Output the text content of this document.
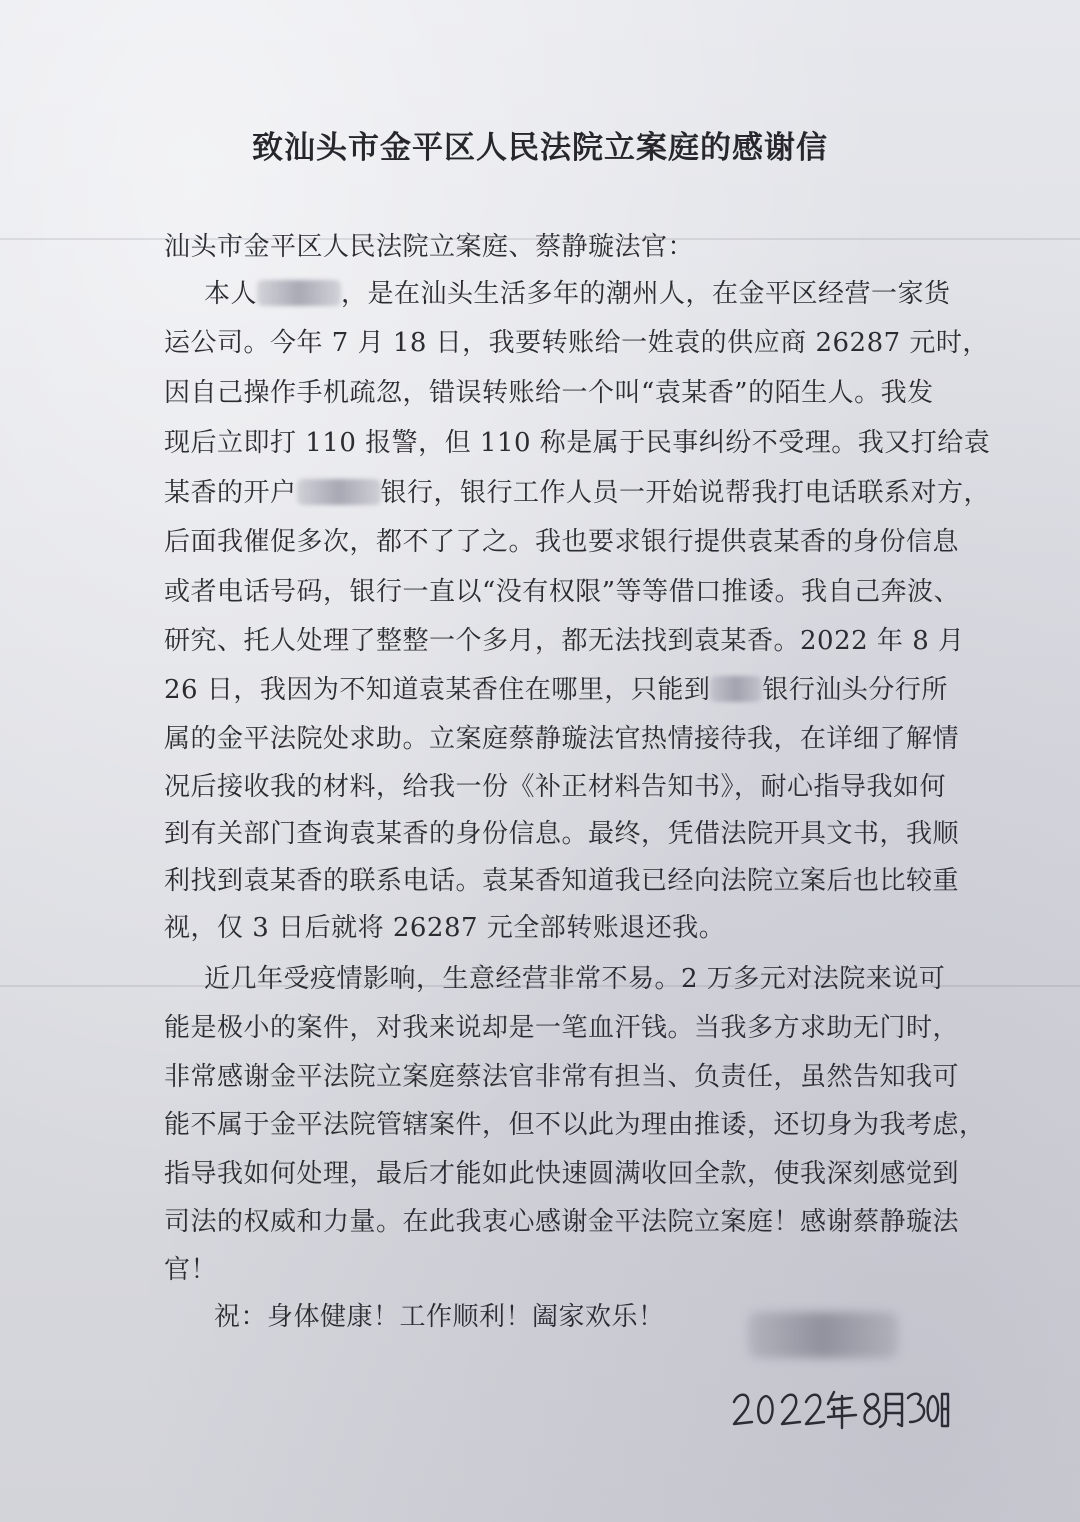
致汕头市金平区人民法院立案庭的感谢信
汕头市金平区人民法院立案庭、蔡静璇法官：
本人	，是在汕头生活多年的潮州人，在金平区经营一家货
运公司。今年 7 月 18 日，我要转账给一姓袁的供应商 26287 元时，
因自己操作手机疏忽，错误转账给一个叫“袁某香”的陌生人。我发
现后立即打 110 报警，但 110 称是属于民事纠纷不受理。我又打给袁
某香的开户	银行，银行工作人员一开始说帮我打电话联系对方，
后面我催促多次，都不了了之。我也要求银行提供袁某香的身份信息
或者电话号码，银行一直以“没有权限”等等借口推诿。我自己奔波、
研究、托人处理了整整一个多月，都无法找到袁某香。2022 年 8 月
26 日，我因为不知道袁某香住在哪里，只能到 银行汕头分行所
属的金平法院处求助。立案庭蔡静璇法官热情接待我，在详细了解情
况后接收我的材料，给我一份《补正材料告知书》，耐心指导我如何
到有关部门查询袁某香的身份信息。最终，凭借法院开具文书，我顺
利找到袁某香的联系电话。袁某香知道我已经向法院立案后也比较重
视，仅 3 日后就将 26287 元全部转账退还我。
近几年受疫情影响，生意经营非常不易。2 万多元对法院来说可
能是极小的案件，对我来说却是一笔血汗钱。当我多方求助无门时，
非常感谢金平法院立案庭蔡法官非常有担当、负责任，虽然告知我可
能不属于金平法院管辖案件，但不以此为理由推诿，还切身为我考虑，
指导我如何处理，最后才能如此快速圆满收回全款，使我深刻感觉到
司法的权威和力量。在此我衷心感谢金平法院立案庭！感谢蔡静璇法
官！
祝：身体健康！工作顺利！阖家欢乐！
